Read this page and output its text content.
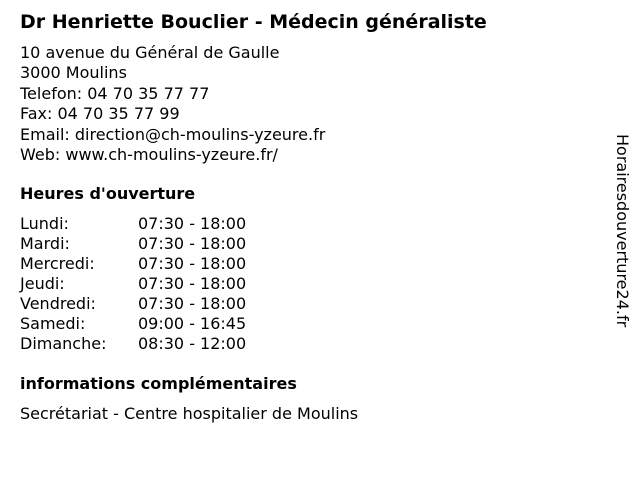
Dr Henriette Bouclier - Médecin généraliste
10 avenue du Général de Gaulle
3000 Moulins
Telefon: 04 70 35 77 77
Fax: 04 70 35 77 99
Email: direction@ch-moulins-yzeure.fr
Web: www.ch-moulins-yzeure.fr/
Heures d'ouverture
Lundi:	07:30 - 18:00
Mardi:	07:30 - 18:00
Mercredi:	07:30 - 18:00
Jeudi:	07:30 - 18:00
Vendredi:	07:30 - 18:00
Samedi:	09:00 - 16:45
Dimanche: 08:30 - 12:00
informations complémentaires
Secrétariat - Centre hospitalier de Moulins
Horairesdouverture24.fr
